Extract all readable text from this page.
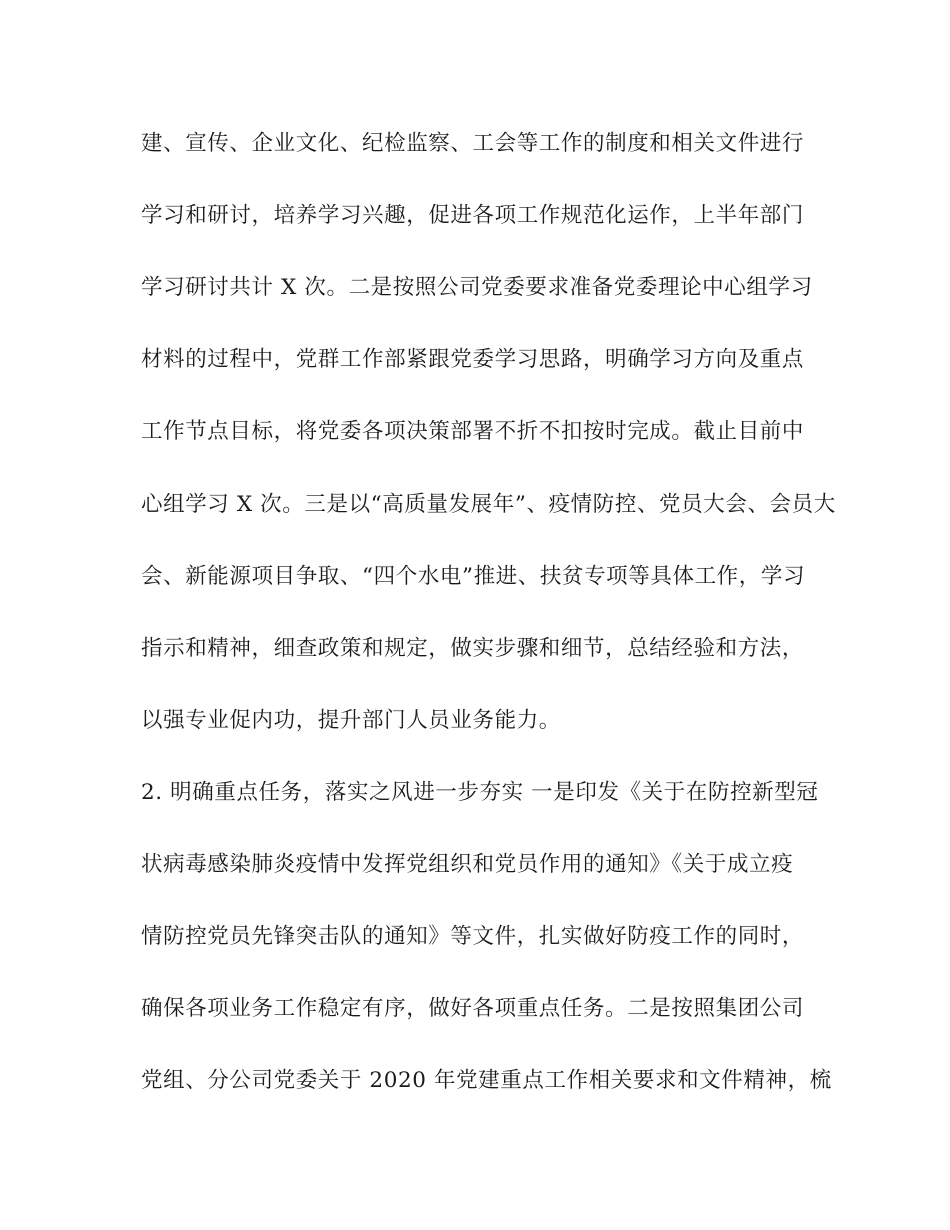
建、宣传、企业文化、纪检监察、工会等工作的制度和相关文件进行
学习和研讨，培养学习兴趣，促进各项工作规范化运作，上半年部门
学习研讨共计 X 次。二是按照公司党委要求准备党委理论中心组学习
材料的过程中，党群工作部紧跟党委学习思路，明确学习方向及重点
工作节点目标，将党委各项决策部署不折不扣按时完成。截止目前中
心组学习 X 次。三是以“高质量发展年”、疫情防控、党员大会、会员大
会、新能源项目争取、“四个水电”推进、扶贫专项等具体工作，学习
指示和精神，细查政策和规定，做实步骤和细节，总结经验和方法，
以强专业促内功，提升部门人员业务能力。
2. 明确重点任务，落实之风进一步夯实 一是印发《关于在防控新型冠
状病毒感染肺炎疫情中发挥党组织和党员作用的通知》《关于成立疫
情防控党员先锋突击队的通知》等文件，扎实做好防疫工作的同时，
确保各项业务工作稳定有序，做好各项重点任务。二是按照集团公司
党组、分公司党委关于 2020 年党建重点工作相关要求和文件精神，梳
